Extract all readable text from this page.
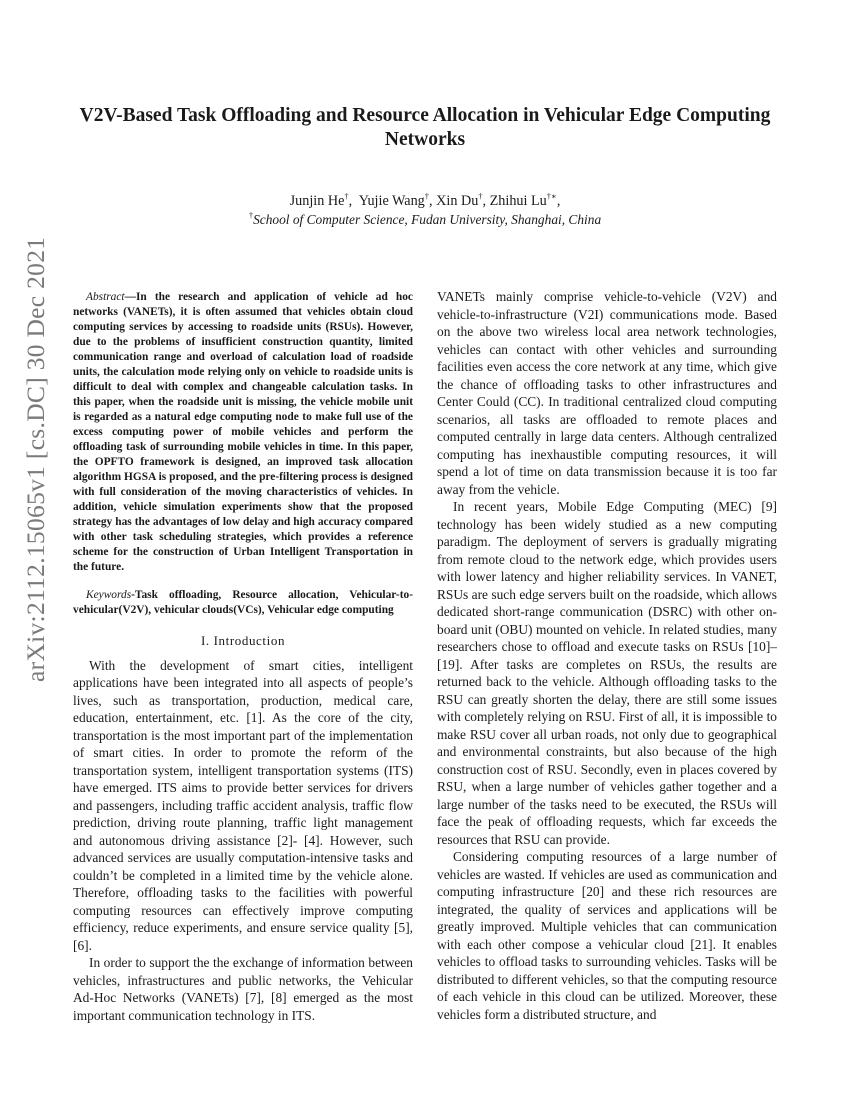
arXiv:2112.15065v1 [cs.DC] 30 Dec 2021
V2V-Based Task Offloading and Resource Allocation in Vehicular Edge Computing Networks
Junjin He†,  Yujie Wang†, Xin Du†, Zhihui Lu†∗,
†School of Computer Science, Fudan University, Shanghai, China

Abstract—In the research and application of vehicle ad hoc networks (VANETs), it is often assumed that vehicles obtain cloud computing services by accessing to roadside units (RSUs). However, due to the problems of insufficient construction quantity, limited communication range and overload of calculation load of roadside units, the calculation mode relying only on vehicle to roadside units is difficult to deal with complex and changeable calculation tasks. In this paper, when the roadside unit is missing, the vehicle mobile unit is regarded as a natural edge computing node to make full use of the excess computing power of mobile vehicles and perform the offloading task of surrounding mobile vehicles in time. In this paper, the OPFTO framework is designed, an improved task allocation algorithm HGSA is proposed, and the pre-filtering process is designed with full consideration of the moving characteristics of vehicles. In addition, vehicle simulation experiments show that the proposed strategy has the advantages of low delay and high accuracy compared with other task scheduling strategies, which provides a reference scheme for the construction of Urban Intelligent Transportation in the future.

Keywords-Task offloading, Resource allocation, Vehicular-to-vehicular(V2V), vehicular clouds(VCs), Vehicular edge computing

I. Introduction

With the development of smart cities, intelligent applications have been integrated into all aspects of people’s lives, such as transportation, production, medical care, education, entertainment, etc. [1]. As the core of the city, transportation is the most important part of the implementation of smart cities. In order to promote the reform of the transportation system, intelligent transportation systems (ITS) have emerged. ITS aims to provide better services for drivers and passengers, including traffic accident analysis, traffic flow prediction, driving route planning, traffic light management and autonomous driving assistance [2]- [4]. However, such advanced services are usually computation-intensive tasks and couldn’t be completed in a limited time by the vehicle alone. Therefore, offloading tasks to the facilities with powerful computing resources can effectively improve computing efficiency, reduce experiments, and ensure service quality [5], [6].

In order to support the the exchange of information between vehicles, infrastructures and public networks, the Vehicular Ad-Hoc Networks (VANETs) [7], [8] emerged as the most important communication technology in ITS.

VANETs mainly comprise vehicle-to-vehicle (V2V) and vehicle-to-infrastructure (V2I) communications mode. Based on the above two wireless local area network technologies, vehicles can contact with other vehicles and surrounding facilities even access the core network at any time, which give the chance of offloading tasks to other infrastructures and Center Could (CC). In traditional centralized cloud computing scenarios, all tasks are offloaded to remote places and computed centrally in large data centers. Although centralized computing has inexhaustible computing resources, it will spend a lot of time on data transmission because it is too far away from the vehicle.

In recent years, Mobile Edge Computing (MEC) [9] technology has been widely studied as a new computing paradigm. The deployment of servers is gradually migrating from remote cloud to the network edge, which provides users with lower latency and higher reliability services. In VANET, RSUs are such edge servers built on the roadside, which allows dedicated short-range communication (DSRC) with other on-board unit (OBU) mounted on vehicle. In related studies, many researchers chose to offload and execute tasks on RSUs [10]– [19]. After tasks are completes on RSUs, the results are returned back to the vehicle. Although offloading tasks to the RSU can greatly shorten the delay, there are still some issues with completely relying on RSU. First of all, it is impossible to make RSU cover all urban roads, not only due to geographical and environmental constraints, but also because of the high construction cost of RSU. Secondly, even in places covered by RSU, when a large number of vehicles gather together and a large number of the tasks need to be executed, the RSUs will face the peak of offloading requests, which far exceeds the resources that RSU can provide.

Considering computing resources of a large number of vehicles are wasted. If vehicles are used as communication and computing infrastructure [20] and these rich resources are integrated, the quality of services and applications will be greatly improved. Multiple vehicles that can communication with each other compose a vehicular cloud [21]. It enables vehicles to offload tasks to surrounding vehicles. Tasks will be distributed to different vehicles, so that the computing resource of each vehicle in this cloud can be utilized. Moreover, these vehicles form a distributed structure, and
